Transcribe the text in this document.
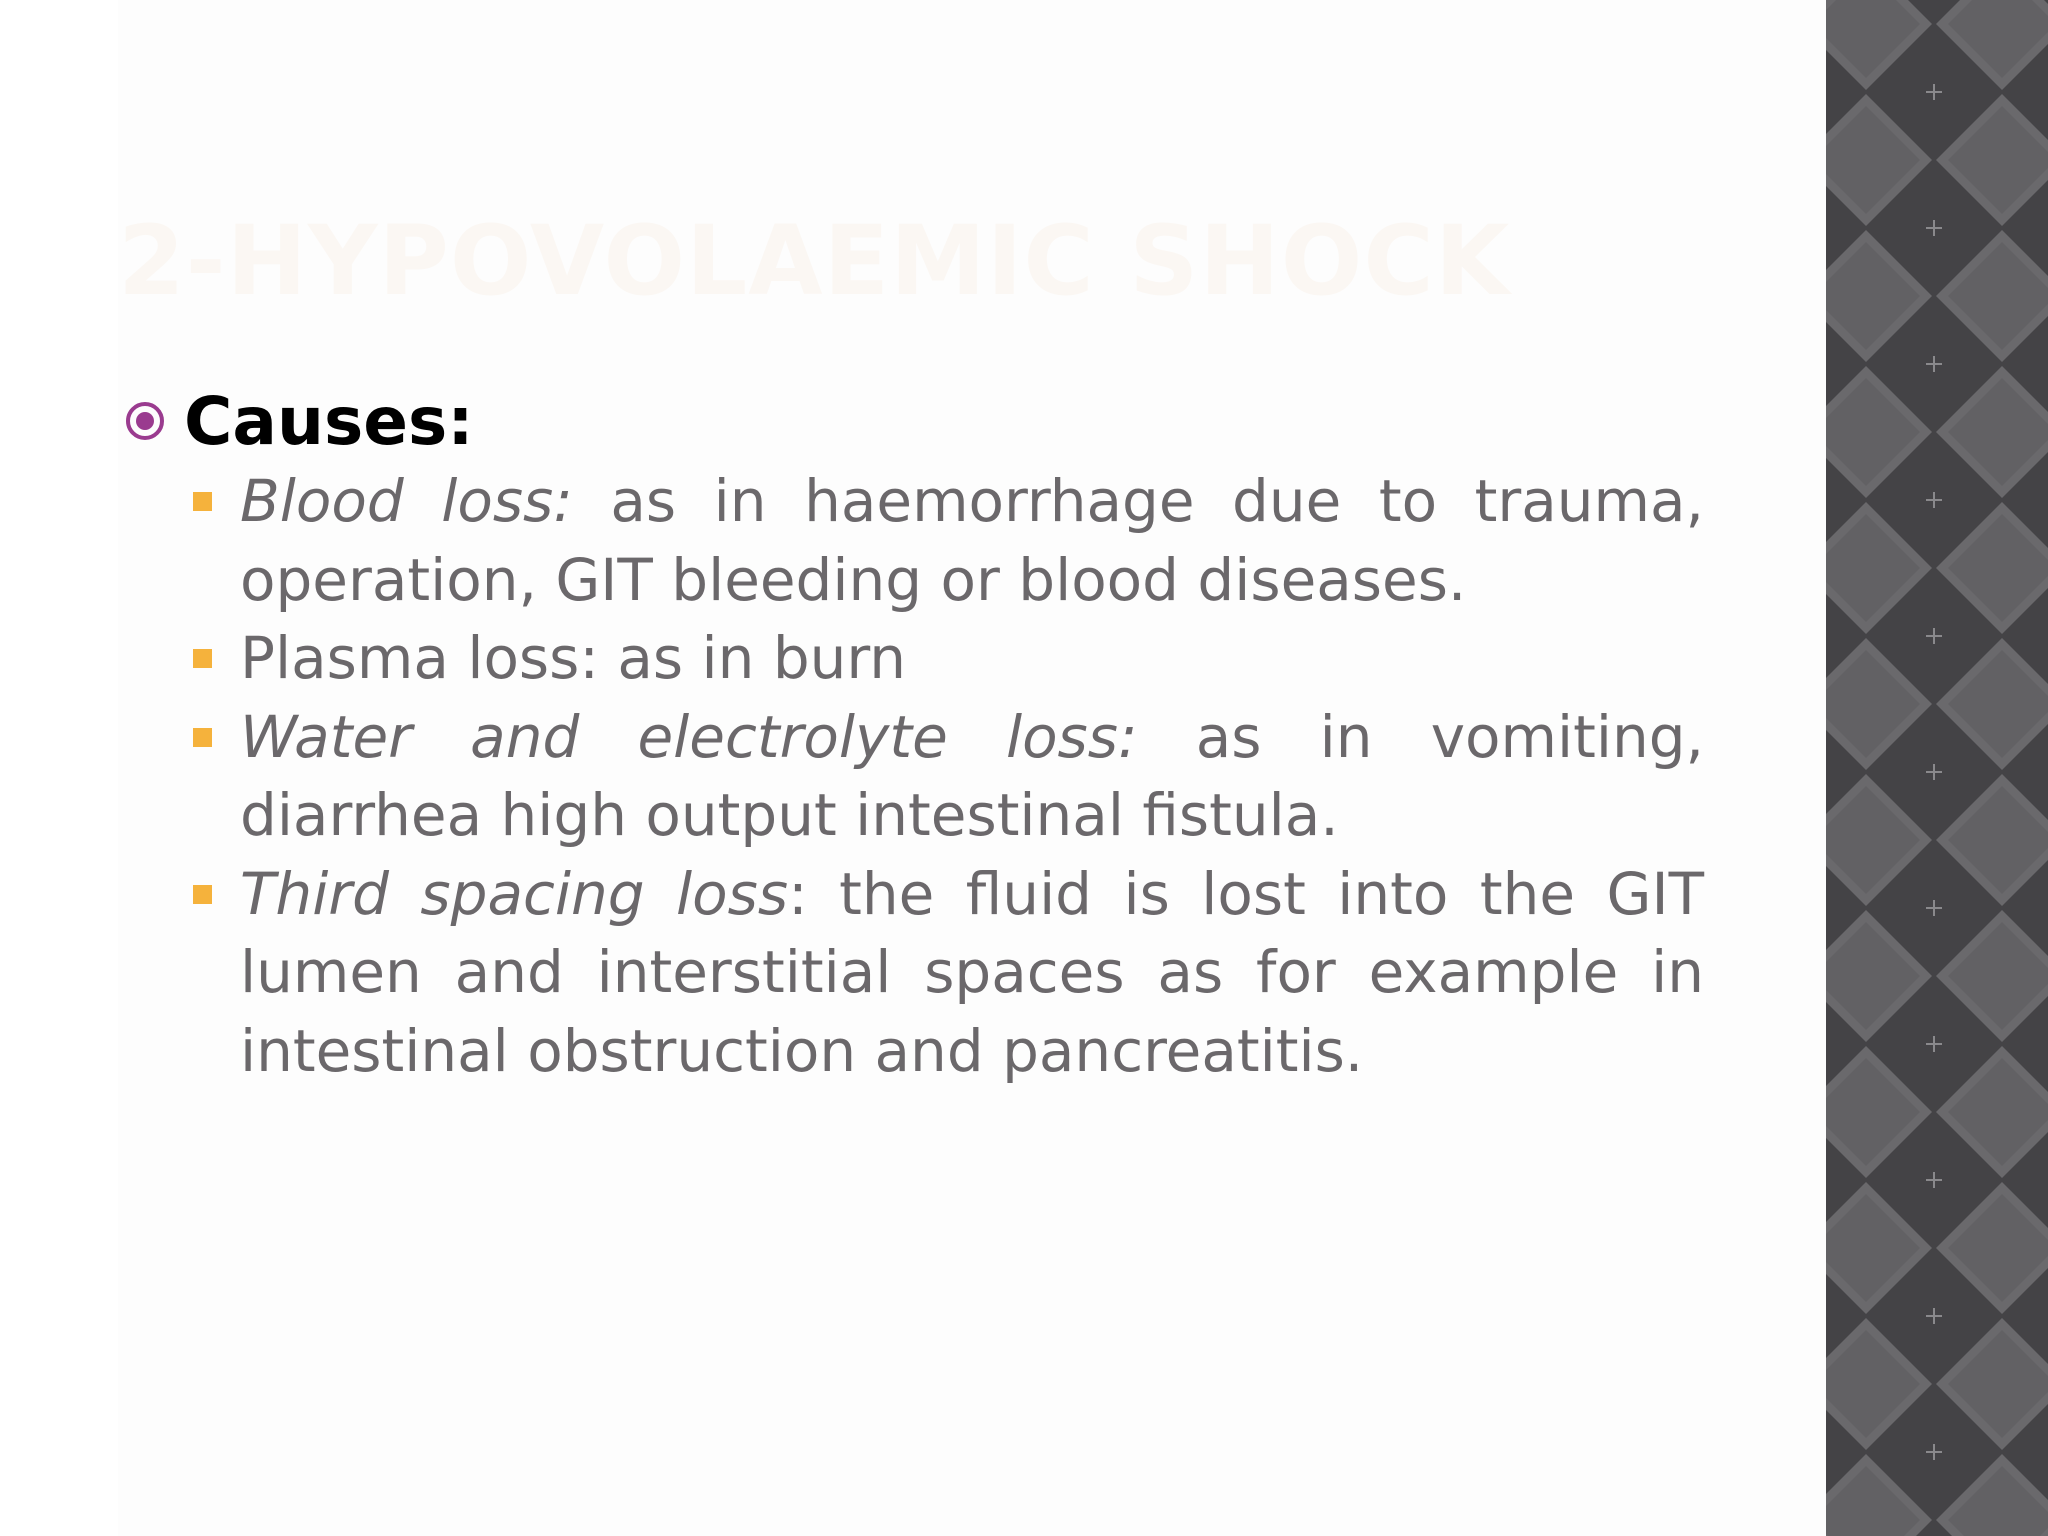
2-HYPOVOLAEMIC SHOCK
Causes:
Blood loss: as in haemorrhage due to trauma, operation, GIT bleeding or blood diseases.
Plasma loss: as in burn
Water and electrolyte loss: as in vomiting, diarrhea high output intestinal fistula.
Third spacing loss: the fluid is lost into the GIT lumen and interstitial spaces as for example in intestinal obstruction and pancreatitis.
